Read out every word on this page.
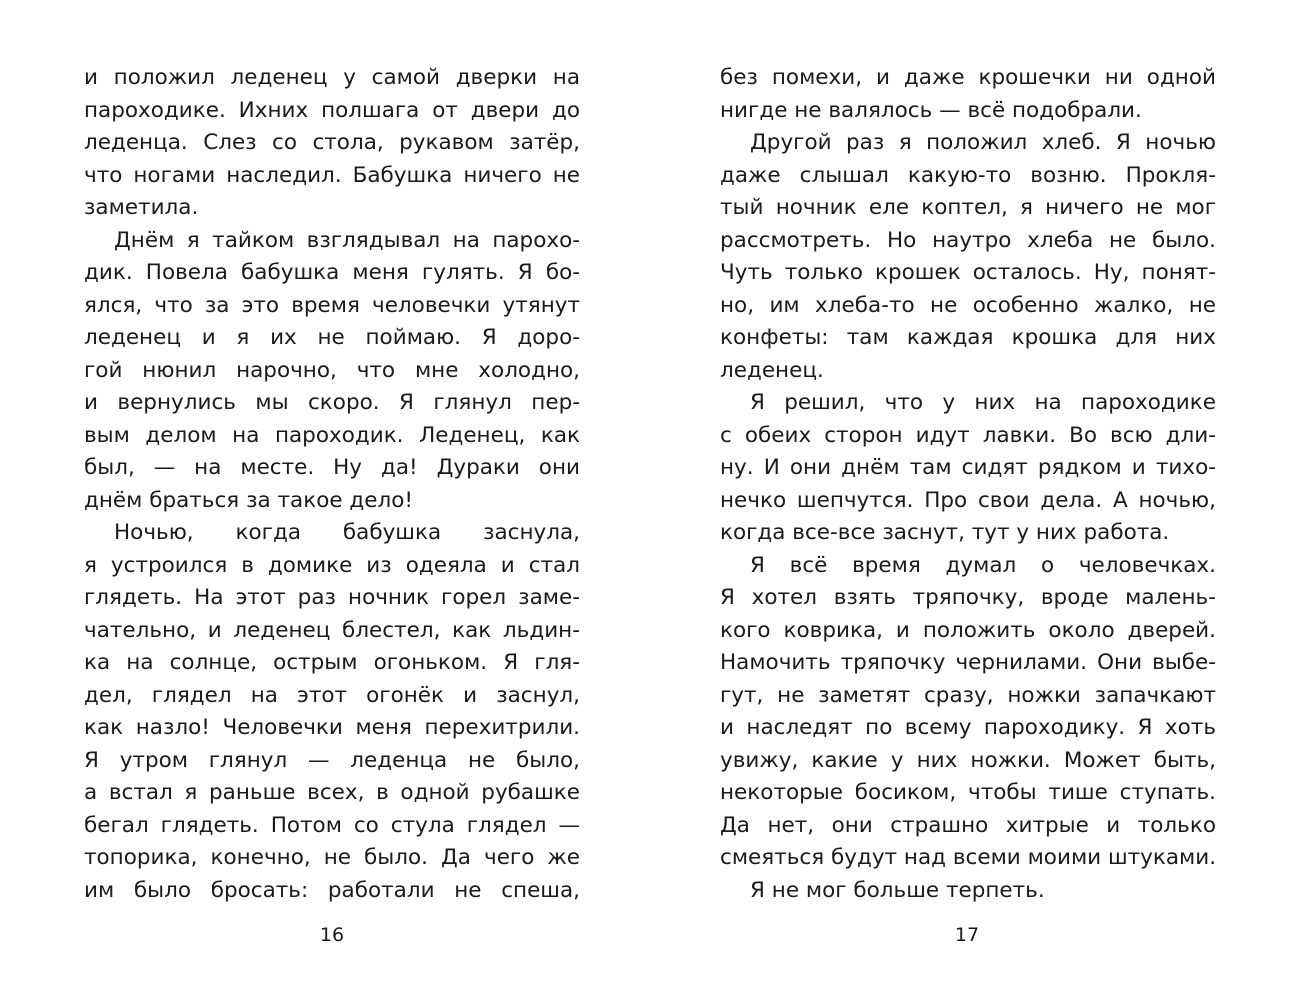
и положил леденец у самой дверки на
пароходике. Ихних полшага от двери до
леденца. Слез со стола, рукавом затёр,
что ногами наследил. Бабушка ничего не
заметила.
Днём я тайком взглядывал на парохо-
дик. Повела бабушка меня гулять. Я бо-
ялся, что за это время человечки утянут
леденец и я их не поймаю. Я доро-
гой нюнил нарочно, что мне холодно,
и вернулись мы скоро. Я глянул пер-
вым делом на пароходик. Леденец, как
был, — на месте. Ну да! Дураки они
днём браться за такое дело!
Ночью, когда бабушка заснула,
я устроился в домике из одеяла и стал
глядеть. На этот раз ночник горел заме-
чательно, и леденец блестел, как льдин-
ка на солнце, острым огоньком. Я гля-
дел, глядел на этот огонёк и заснул,
как назло! Человечки меня перехитрили.
Я утром глянул — леденца не было,
а встал я раньше всех, в одной рубашке
бегал глядеть. Потом со стула глядел —
топорика, конечно, не было. Да чего же
им было бросать: работали не спеша,
без помехи, и даже крошечки ни одной
нигде не валялось — всё подобрали.
Другой раз я положил хлеб. Я ночью
даже слышал какую-то возню. Прокля-
тый ночник еле коптел, я ничего не мог
рассмотреть. Но наутро хлеба не было.
Чуть только крошек осталось. Ну, понят-
но, им хлеба-то не особенно жалко, не
конфеты: там каждая крошка для них
леденец.
Я решил, что у них на пароходике
с обеих сторон идут лавки. Во всю дли-
ну. И они днём там сидят рядком и тихо-
нечко шепчутся. Про свои дела. А ночью,
когда все-все заснут, тут у них работа.
Я всё время думал о человечках.
Я хотел взять тряпочку, вроде малень-
кого коврика, и положить около дверей.
Намочить тряпочку чернилами. Они выбе-
гут, не заметят сразу, ножки запачкают
и наследят по всему пароходику. Я хоть
увижу, какие у них ножки. Может быть,
некоторые босиком, чтобы тише ступать.
Да нет, они страшно хитрые и только
смеяться будут над всеми моими штуками.
Я не мог больше терпеть.
16	17
